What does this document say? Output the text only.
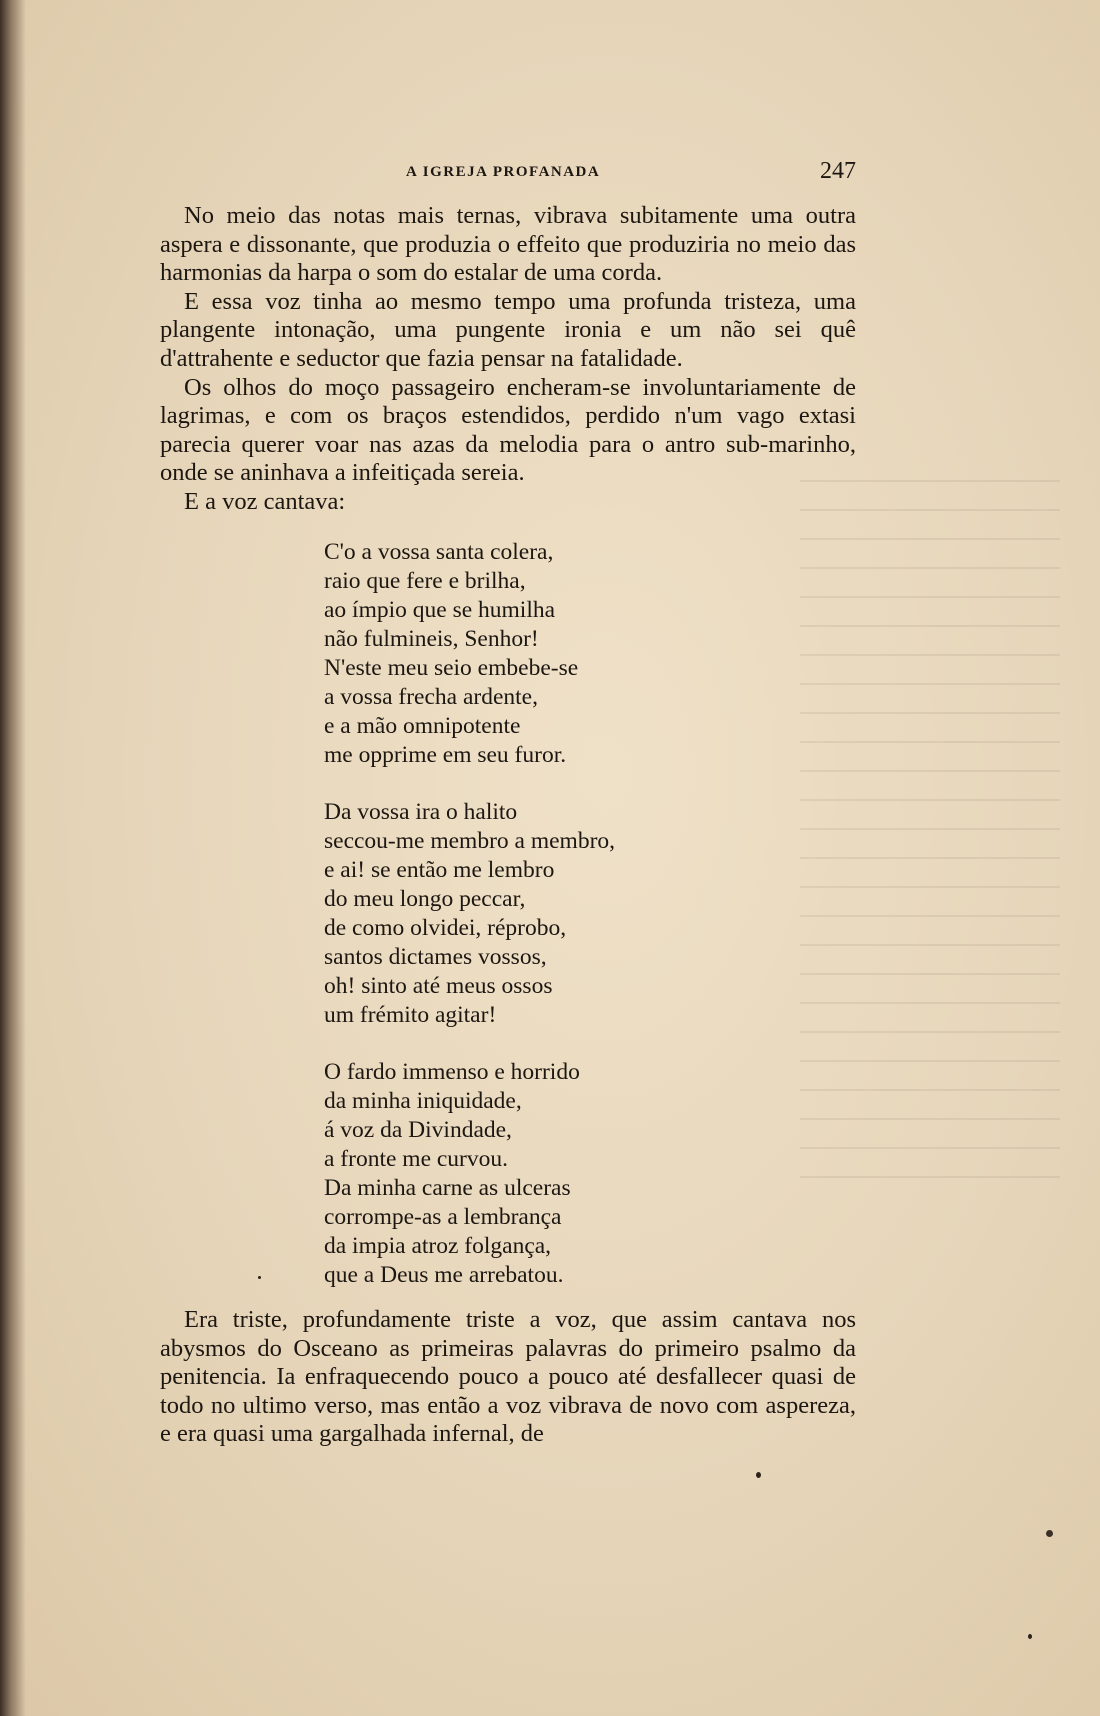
A IGREJA PROFANADA	247

No meio das notas mais ternas, vibrava subitamente uma outra aspera e dissonante, que produzia o effeito que produziria no meio das harmonias da harpa o som do estalar de uma corda.

E essa voz tinha ao mesmo tempo uma profunda tristeza, uma plangente intonação, uma pungente ironia e um não sei quê d'attrahente e seductor que fazia pensar na fatalidade.

Os olhos do moço passageiro encheram-se involuntariamente de lagrimas, e com os braços estendidos, perdido n'um vago extasi parecia querer voar nas azas da melodia para o antro sub-marinho, onde se aninhava a infeitiçada sereia.

E a voz cantava:

C'o a vossa santa colera,
raio que fere e brilha,
ao ímpio que se humilha
não fulmineis, Senhor!
N'este meu seio embebe-se
a vossa frecha ardente,
e a mão omnipotente
me opprime em seu furor.
Da vossa ira o halito
seccou-me membro a membro,
e ai! se então me lembro
do meu longo peccar,
de como olvidei, réprobo,
santos dictames vossos,
oh! sinto até meus ossos
um frémito agitar!
O fardo immenso e horrido
da minha iniquidade,
á voz da Divindade,
a fronte me curvou.
Da minha carne as ulceras
corrompe-as a lembrança
da impia atroz folgança,
que a Deus me arrebatou.
Era triste, profundamente triste a voz, que assim cantava nos abysmos do Osceano as primeiras palavras do primeiro psalmo da penitencia. Ia enfraquecendo pouco a pouco até desfallecer quasi de todo no ultimo verso, mas então a voz vibrava de novo com aspereza, e era quasi uma gargalhada infernal, de
